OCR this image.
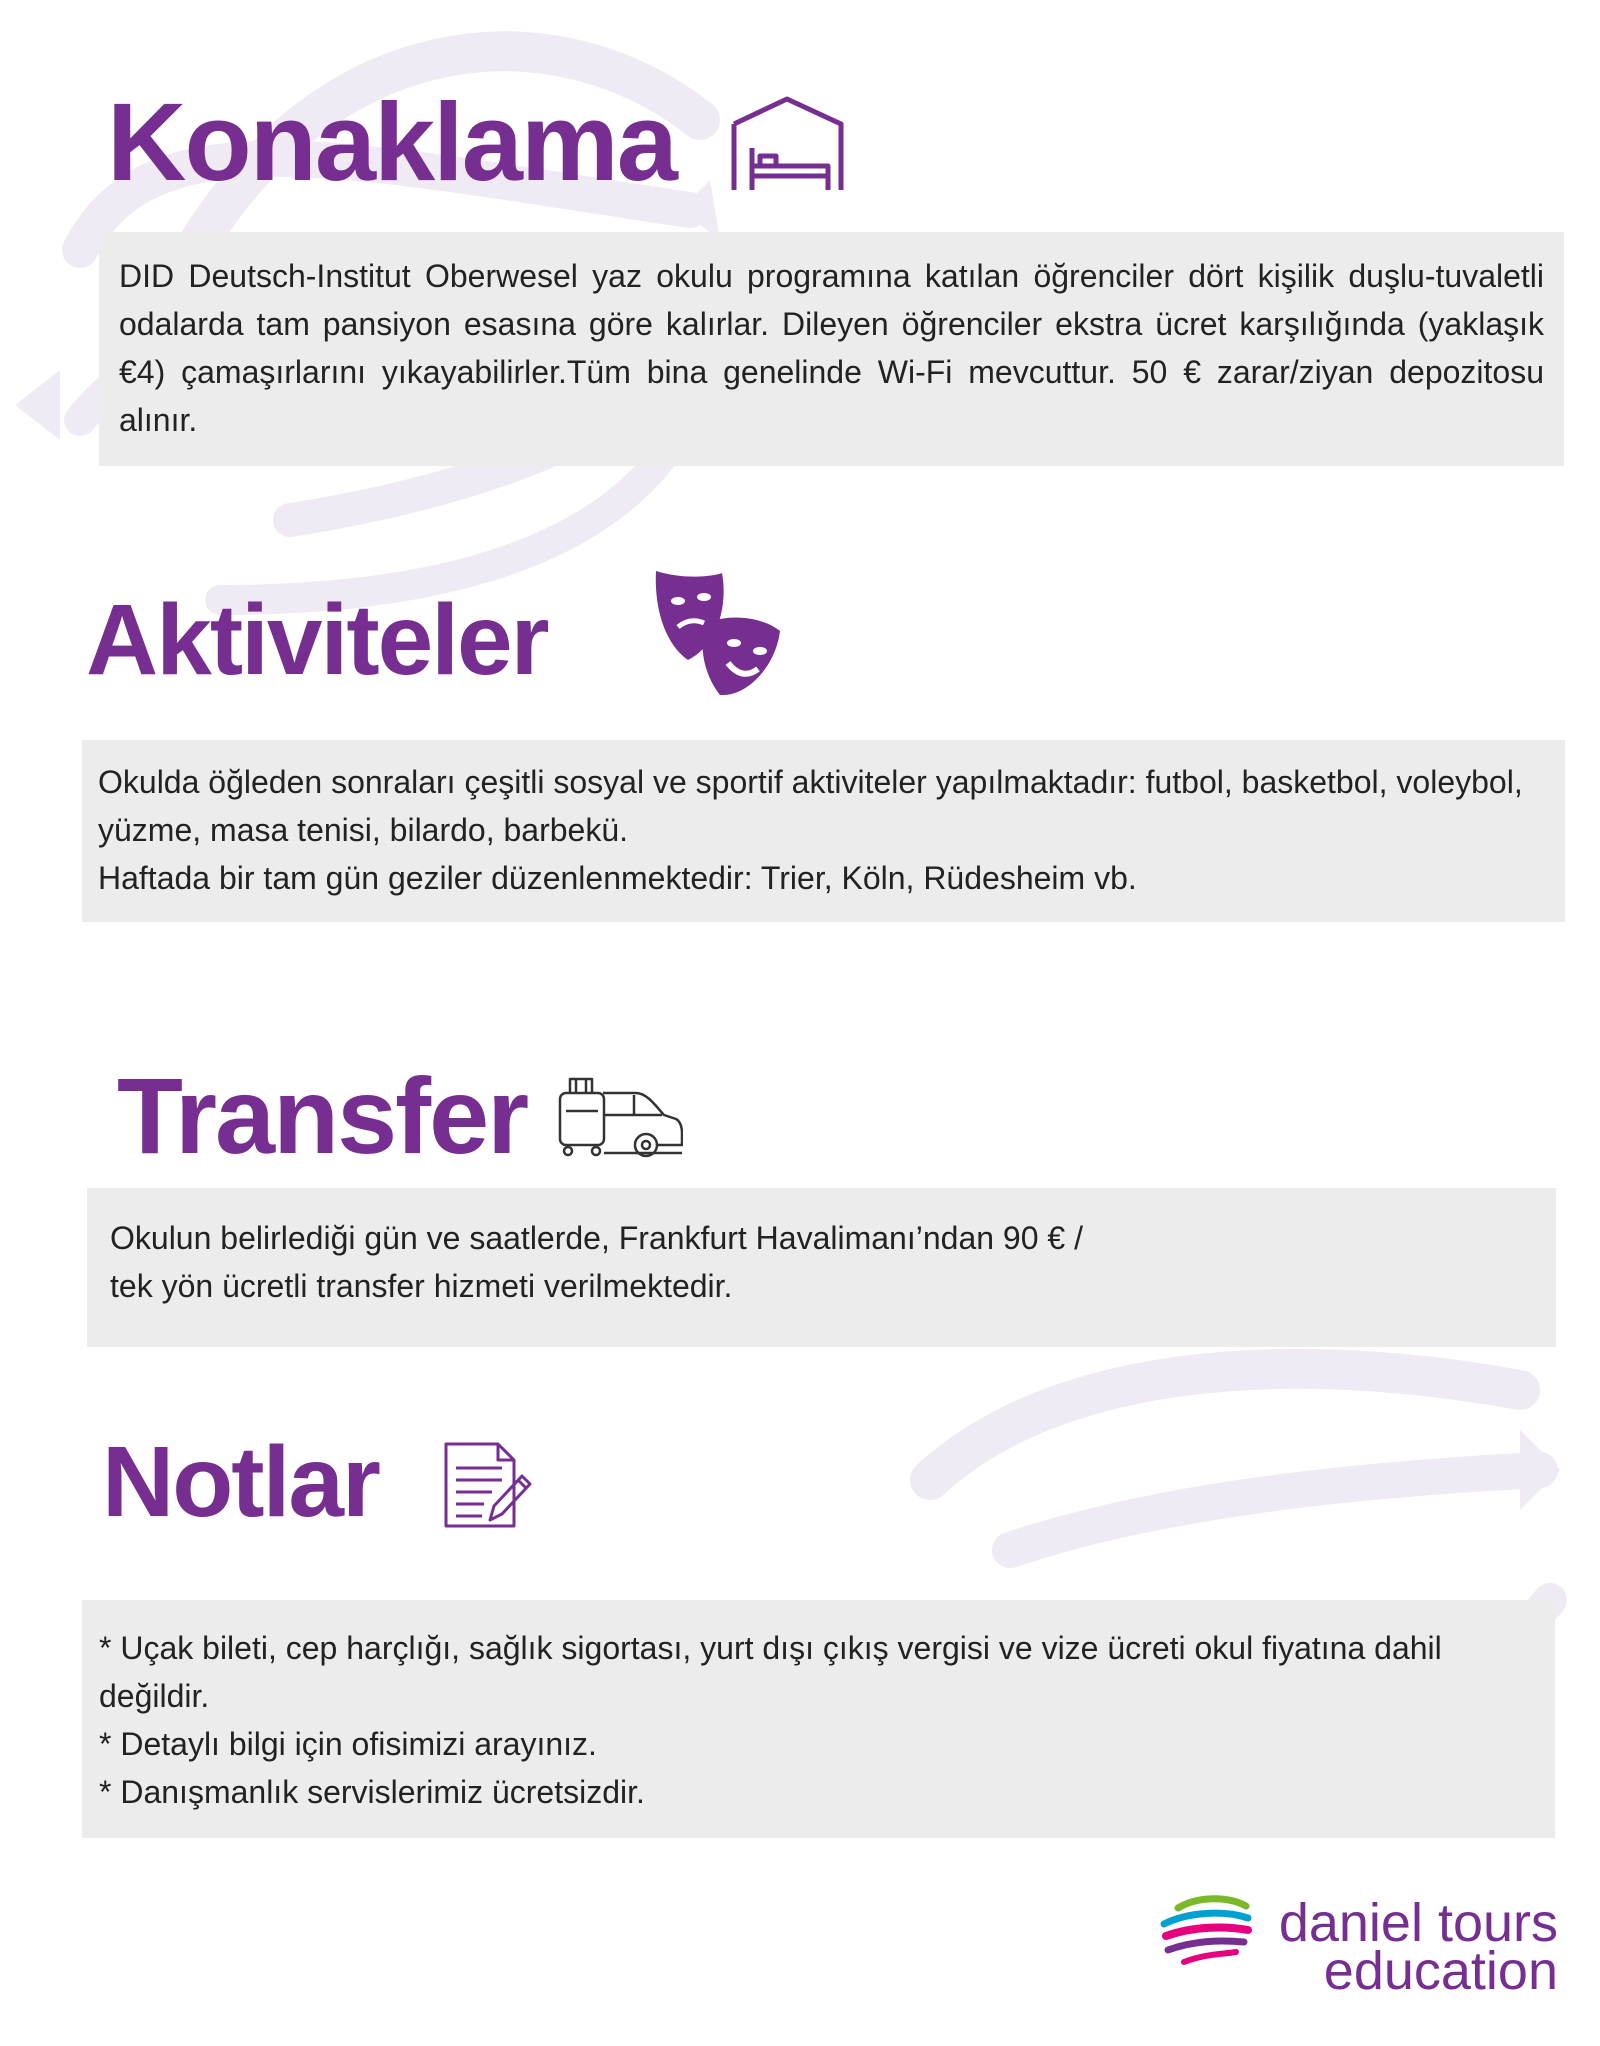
Konaklama

DID Deutsch-Institut Oberwesel yaz okulu programına katılan öğrenciler dört kişilik duşlu-tuvaletli odalarda tam pansiyon esasına göre kalırlar. Dileyen öğrenciler ekstra ücret karşılığında (yaklaşık €4) çamaşırlarını yıkayabilirler.Tüm bina genelinde Wi-Fi mevcuttur. 50 € zarar/ziyan depozitosu alınır.

Aktiviteler

Okulda öğleden sonraları çeşitli sosyal ve sportif aktiviteler yapılmaktadır: futbol, basketbol, voleybol, yüzme, masa tenisi, bilardo, barbekü.

Haftada bir tam gün geziler düzenlenmektedir: Trier, Köln, Rüdesheim vb.

Transfer

Okulun belirlediği gün ve saatlerde, Frankfurt Havalimanı’ndan 90 € / tek yön ücretli transfer hizmeti verilmektedir.

Notlar

* Uçak bileti, cep harçlığı, sağlık sigortası, yurt dışı çıkış vergisi ve vize ücreti okul fiyatına dahil değildir.

* Detaylı bilgi için ofisimizi arayınız.

* Danışmanlık servislerimiz ücretsizdir.

daniel tours
education
